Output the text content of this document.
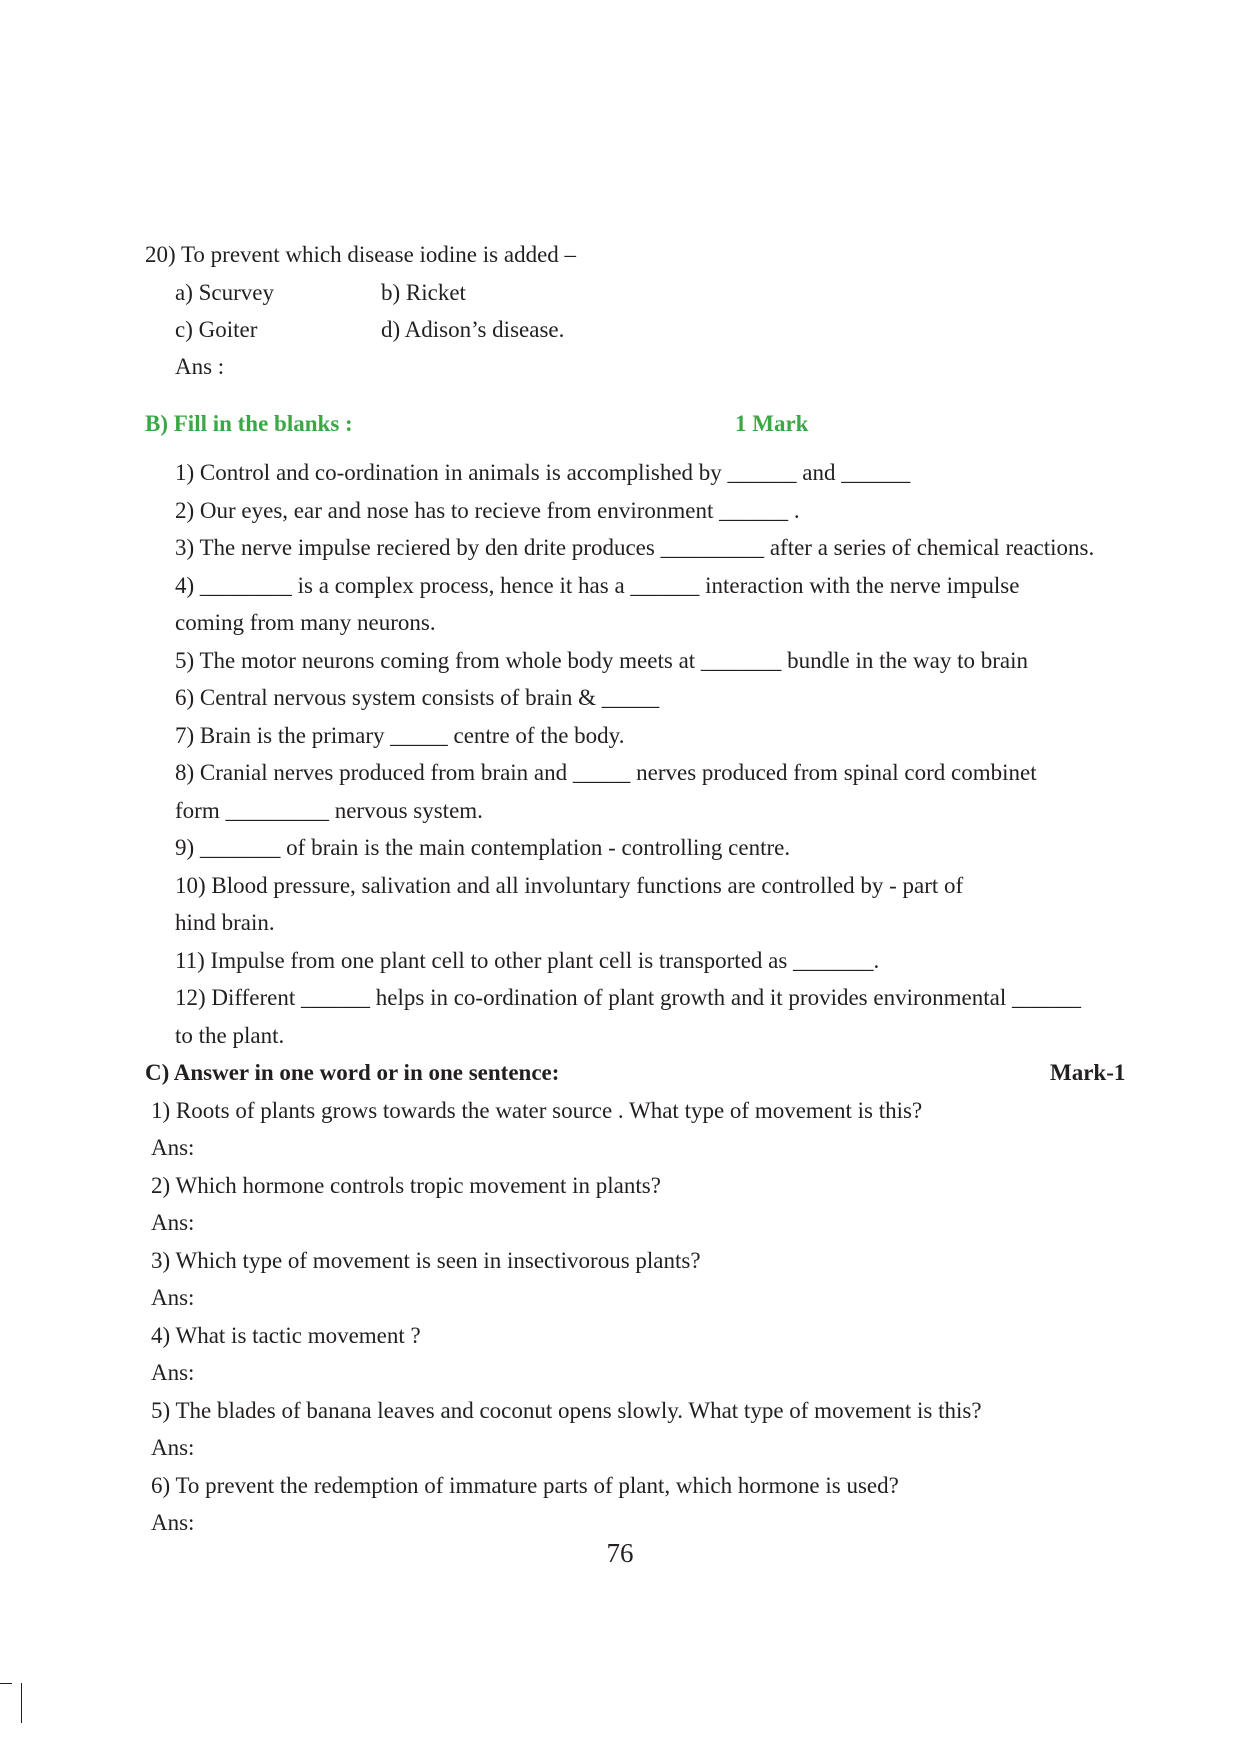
20) To prevent which disease iodine is added –
a) Scurvey	b) Ricket
c) Goiter	d) Adison’s disease.
Ans :
B) Fill in the blanks :	1 Mark
1) Control and co-ordination in animals is accomplished by ______ and ______
2) Our eyes, ear and nose has to recieve from environment ______ .
3) The nerve impulse reciered by den drite produces _________ after a series of chemical reactions.
4) ________ is a complex process, hence it has a ______ interaction with the nerve impulse
coming from many neurons.
5) The motor neurons coming from whole body meets at _______ bundle in the way to brain
6) Central nervous system consists of brain & _____
7) Brain is the primary _____ centre of the body.
8) Cranial nerves produced from brain and _____ nerves produced from spinal cord combinet
form _________ nervous system.
9) _______ of brain is the main contemplation - controlling centre.
10) Blood pressure, salivation and all involuntary functions are controlled by - part of
hind brain.
11) Impulse from one plant cell to other plant cell is transported as _______.
12) Different ______ helps in co-ordination of plant growth and it provides environmental ______
to the plant.
C) Answer in one word or in one sentence:	Mark-1
1) Roots of plants grows towards the water source . What type of movement is this?
Ans:
2) Which hormone controls tropic movement in plants?
Ans:
3) Which type of movement is seen in insectivorous plants?
Ans:
4) What is tactic movement ?
Ans:
5) The blades of banana leaves and coconut opens slowly. What type of movement is this?
Ans:
6) To prevent the redemption of immature parts of plant, which hormone is used?
Ans:
76
